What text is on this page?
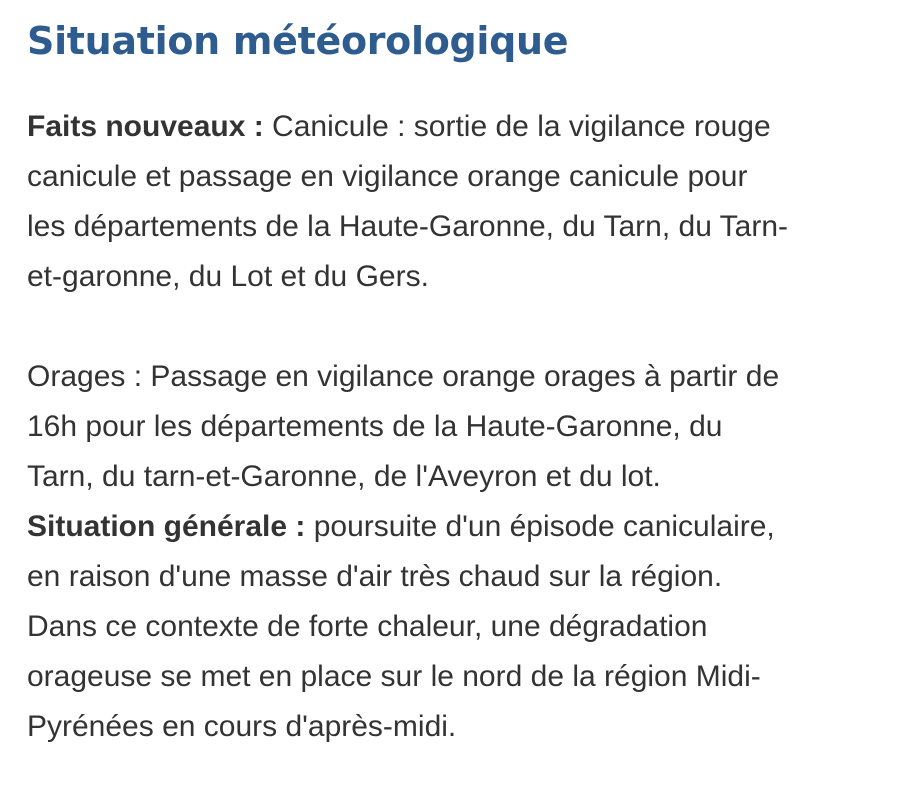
Situation météorologique
Faits nouveaux : Canicule : sortie de la vigilance rouge
canicule et passage en vigilance orange canicule pour
les départements de la Haute-Garonne, du Tarn, du Tarn-
et-garonne, du Lot et du Gers.
Orages : Passage en vigilance orange orages à partir de
16h pour les départements de la Haute-Garonne, du
Tarn, du tarn-et-Garonne, de l'Aveyron et du lot.
Situation générale : poursuite d'un épisode caniculaire,
en raison d'une masse d'air très chaud sur la région.
Dans ce contexte de forte chaleur, une dégradation
orageuse se met en place sur le nord de la région Midi-
Pyrénées en cours d'après-midi.
